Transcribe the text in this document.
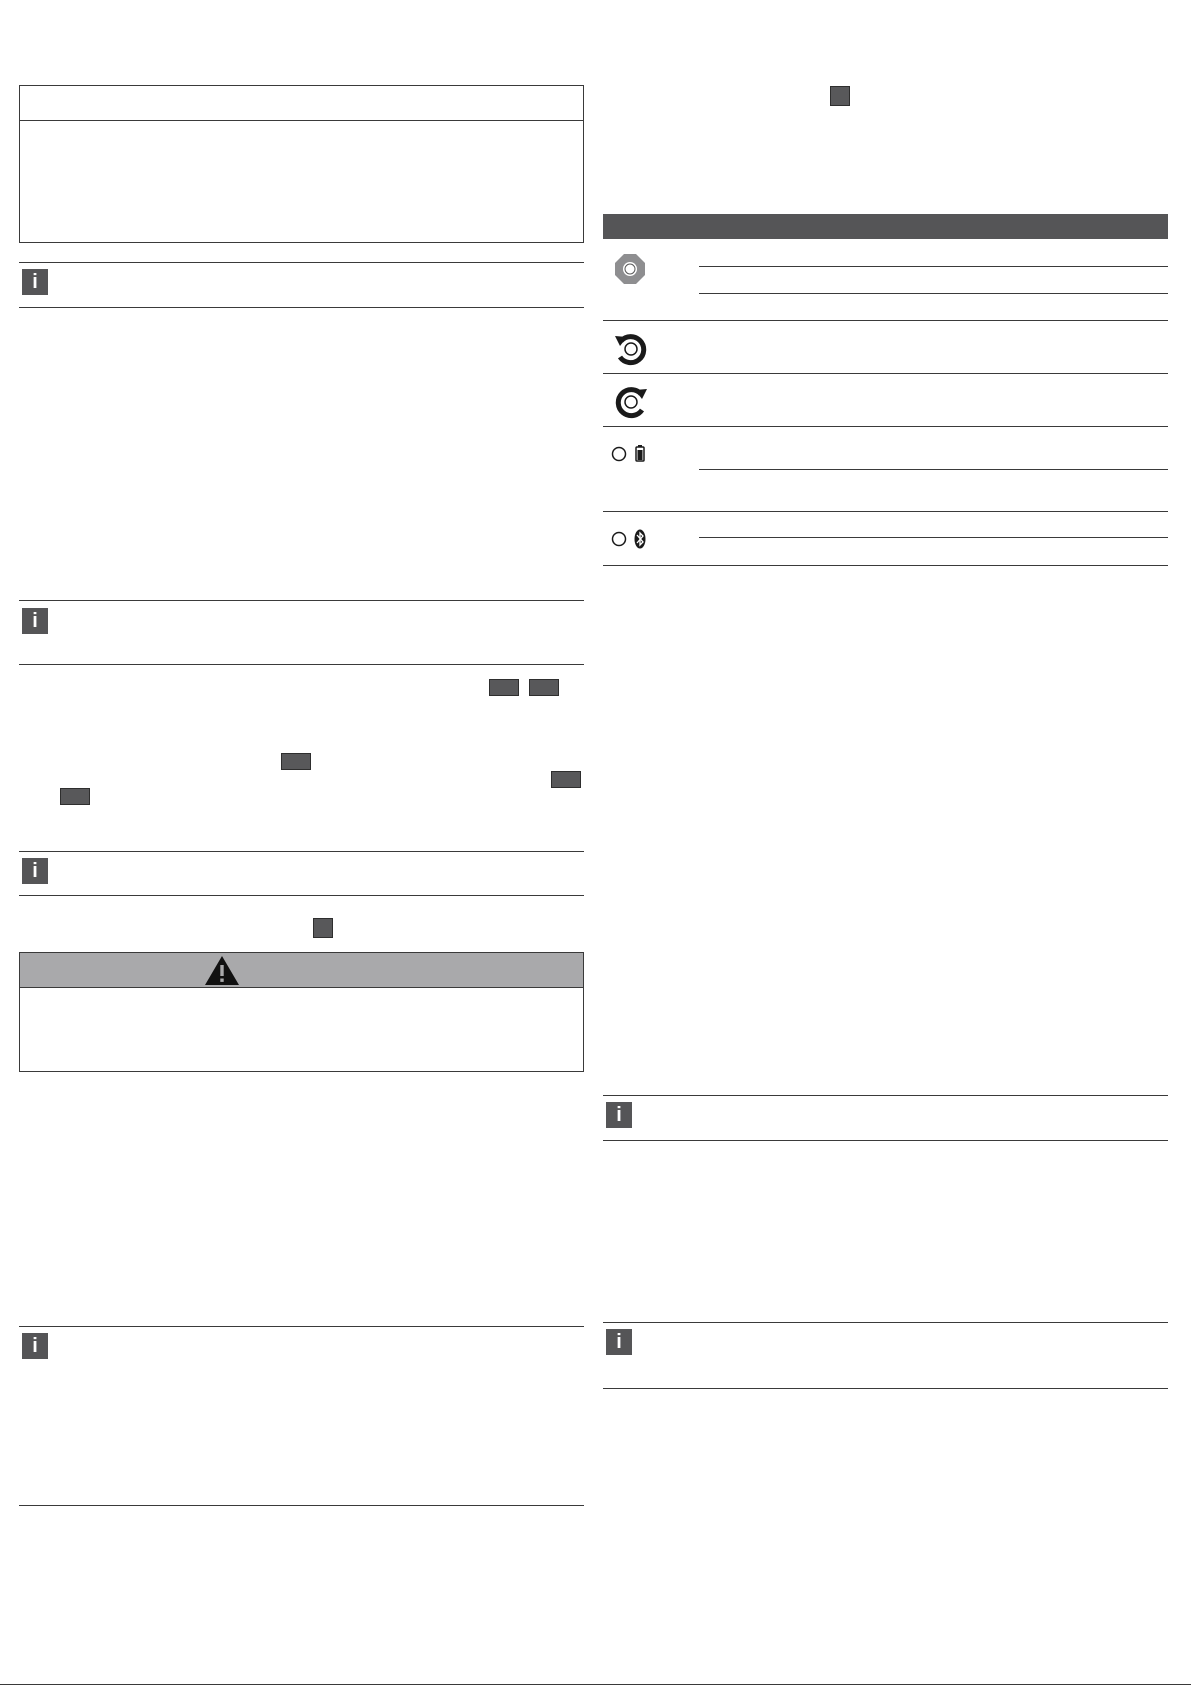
i
i
i
i
i
i
